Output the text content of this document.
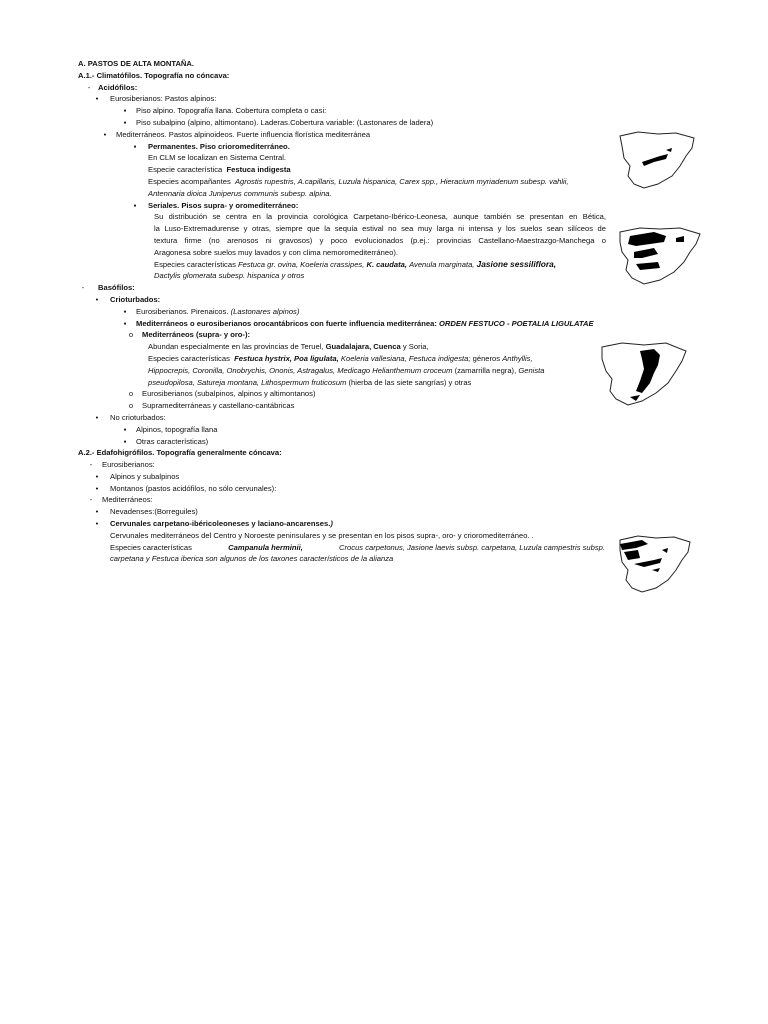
A. PASTOS DE ALTA MONTAÑA.
A.1.- Climatófilos. Topografía no cóncava:
-	Acidófilos:
•	Eurosiberianos: Pastos alpinos:
▪	Piso alpino. Topografía llana. Cobertura completa o casi:
▪	Piso subalpino (alpino, altimontano). Laderas.Cobertura variable: (Lastonares de ladera)
•	Mediterráneos. Pastos alpinoideos. Fuerte influencia florística mediterránea
▪	Permanentes. Piso crioromediterráneo.
En CLM se localizan en Sistema Central.
Especie característica Festuca indigesta
Especies acompañantes Agrostis rupestris, A.capillaris, Luzula hispanica, Carex spp., Hieracium myriadenum subesp. vahlii,
Antennaria dioica Juniperus communis subesp. alpina.
▪	Seriales. Pisos supra- y oromediterráneo:
Su distribución se centra en la provincia corológica Carpetano-Ibérico-Leonesa, aunque también se presentan en Bética,
la Luso-Extremadurense y otras, siempre que la sequía estival no sea muy larga ni intensa y los suelos sean silíceos de
textura firme (no arenosos ni gravosos) y poco evolucionados (p.ej.: provincias Castellano-Maestrazgo-Manchega o
Aragonesa sobre suelos muy lavados y con clima nemoromediterráneo).
Especies características Festuca gr. ovina, Koeleria crassipes, K. caudata, Avenula marginata, Jasione sessiliflora,
Dactylis glomerata subesp. hispanica y otros
-	Basófilos:
•	Crioturbados:
▪	Eurosiberianos. Pirenaicos. (Lastonares alpinos)
▪	Mediterráneos o eurosiberianos orocantábricos con fuerte influencia mediterránea: ORDEN FESTUCO - POETALIA LIGULATAE
o	Mediterráneos (supra- y oro-):
Abundan especialmente en las provincias de Teruel, Guadalajara, Cuenca y Soria,
Especies características Festuca hystrix, Poa ligulata, Koeleria vallesiana, Festuca indigesta; géneros Anthyllis,
Hippocrepis, Coronilla, Onobrychis, Ononis, Astragalus, Medicago Helianthemum croceum (zamarrilla negra), Genista
pseudopilosa, Satureja montana, Lithospermum fruticosum (hierba de las siete sangrías) y otras
o	Eurosiberianos (subalpinos, alpinos y altimontanos)
o	Supramediterráneas y castellano-cantábricas
•	No crioturbados:
▪	Alpinos, topografía llana
▪	Otras características)
A.2.- Edafohigrófilos. Topografía generalmente cóncava:
-	Eurosiberianos:
•	Alpinos y subalpinos
•	Montanos (pastos acidófilos, no sólo cervunales):
-	Mediterráneos:
•	Nevadenses:(Borreguiles)
•	Cervunales carpetano-ibéricoleoneses y laciano-ancarenses.)
Cervunales mediterráneos del Centro y Noroeste peninsulares y se presentan en los pisos supra-, oro- y crioromediterráneo. .
Especies características	Campanula herminii,	Crocus carpetonus, Jasione laevis subsp. carpetana, Luzula campestris subsp.
carpetana y Festuca iberica son algunos de los taxones característicos de la alianza
